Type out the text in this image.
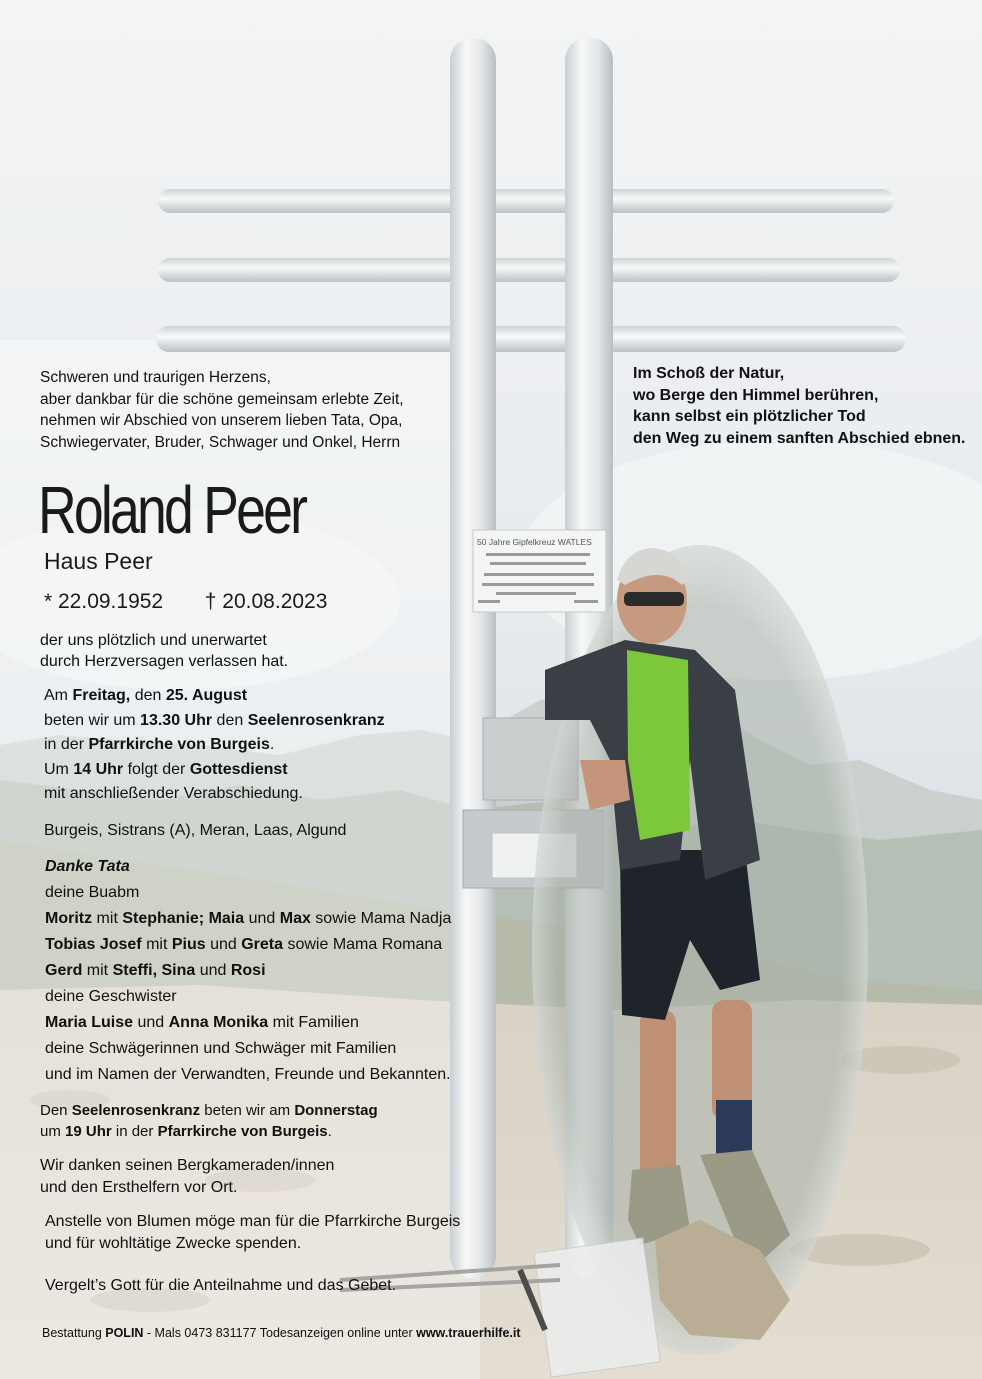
50 Jahre Gipfelkreuz WATLES
Schweren und traurigen Herzens,
aber dankbar für die schöne gemeinsam erlebte Zeit,
nehmen wir Abschied von unserem lieben Tata, Opa,
Schwiegervater, Bruder, Schwager und Onkel, Herrn
Roland Peer
Haus Peer
* 22.09.1952 † 20.08.2023
der uns plötzlich und unerwartet
durch Herzversagen verlassen hat.
Am Freitag, den 25. August
beten wir um 13.30 Uhr den Seelenrosenkranz
in der Pfarrkirche von Burgeis.
Um 14 Uhr folgt der Gottesdienst
mit anschließender Verabschiedung.
Burgeis, Sistrans (A), Meran, Laas, Algund
Danke Tata
deine Buabm
Moritz mit Stephanie; Maia und Max sowie Mama Nadja
Tobias Josef mit Pius und Greta sowie Mama Romana
Gerd mit Steffi, Sina und Rosi
deine Geschwister
Maria Luise und Anna Monika mit Familien
deine Schwägerinnen und Schwäger mit Familien
und im Namen der Verwandten, Freunde und Bekannten.
Den Seelenrosenkranz beten wir am Donnerstag
um 19 Uhr in der Pfarrkirche von Burgeis.
Wir danken seinen Bergkameraden/innen
und den Ersthelfern vor Ort.
Anstelle von Blumen möge man für die Pfarrkirche Burgeis
und für wohltätige Zwecke spenden.
Vergelt’s Gott für die Anteilnahme und das Gebet.
Im Schoß der Natur,
wo Berge den Himmel berühren,
kann selbst ein plötzlicher Tod
den Weg zu einem sanften Abschied ebnen.
Bestattung POLIN - Mals 0473 831177 Todesanzeigen online unter www.trauerhilfe.it
